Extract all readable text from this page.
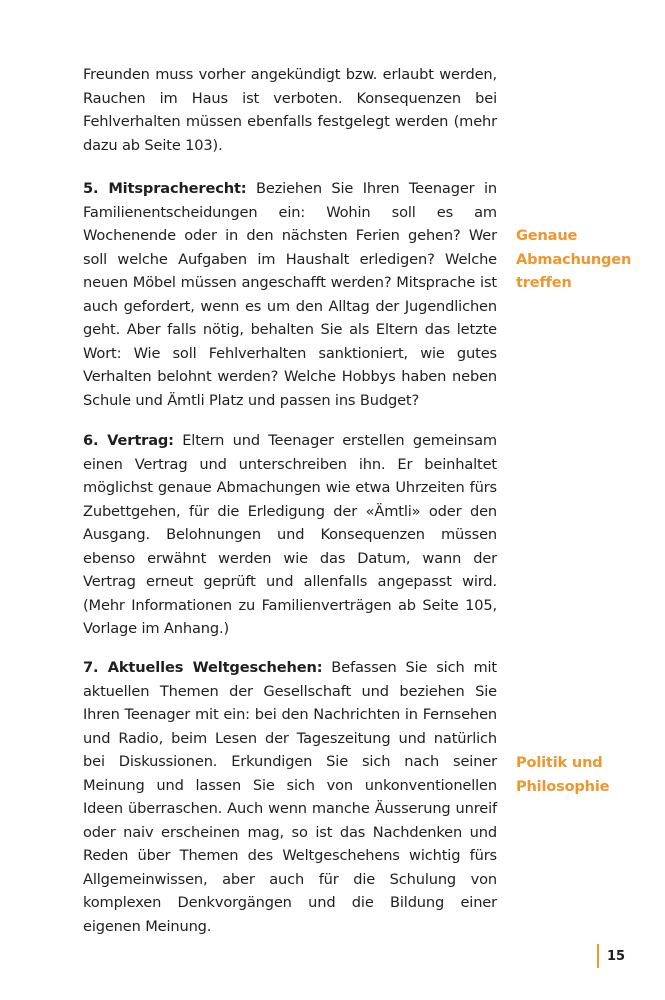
Freunden muss vorher angekündigt bzw. erlaubt werden, Rauchen im Haus ist verboten. Konsequenzen bei Fehlverhalten müssen ebenfalls festgelegt werden (mehr dazu ab Seite 103).

5. Mitspracherecht: Beziehen Sie Ihren Teenager in Familienentscheidungen ein: Wohin soll es am Wochenende oder in den nächsten Ferien gehen? Wer soll welche Aufgaben im Haushalt erledigen? Welche neuen Möbel müssen angeschafft werden? Mitsprache ist auch gefordert, wenn es um den Alltag der Jugendlichen geht. Aber falls nötig, behalten Sie als Eltern das letzte Wort: Wie soll Fehlverhalten sanktioniert, wie gutes Verhalten belohnt werden? Welche Hobbys haben neben Schule und Ämtli Platz und passen ins Budget?

6. Vertrag: Eltern und Teenager erstellen gemeinsam einen Vertrag und unterschreiben ihn. Er beinhaltet möglichst genaue Abmachungen wie etwa Uhrzeiten fürs Zubettgehen, für die Erledigung der «Ämtli» oder den Ausgang. Belohnungen und Konsequenzen müssen ebenso erwähnt werden wie das Datum, wann der Vertrag erneut geprüft und allenfalls angepasst wird. (Mehr Informationen zu Familienverträgen ab Seite 105, Vorlage im Anhang.)

7. Aktuelles Weltgeschehen: Befassen Sie sich mit aktuellen Themen der Gesellschaft und beziehen Sie Ihren Teenager mit ein: bei den Nachrichten in Fernsehen und Radio, beim Lesen der Tageszeitung und natürlich bei Diskussionen. Erkundigen Sie sich nach seiner Meinung und lassen Sie sich von unkonventionellen Ideen überraschen. Auch wenn manche Äusserung unreif oder naiv erscheinen mag, so ist das Nachdenken und Reden über Themen des Weltgeschehens wichtig fürs Allgemeinwissen, aber auch für die Schulung von komplexen Denkvorgängen und die Bildung einer eigenen Meinung.

Genaue
Abmachungen
treffen
Politik und
Philosophie
15
